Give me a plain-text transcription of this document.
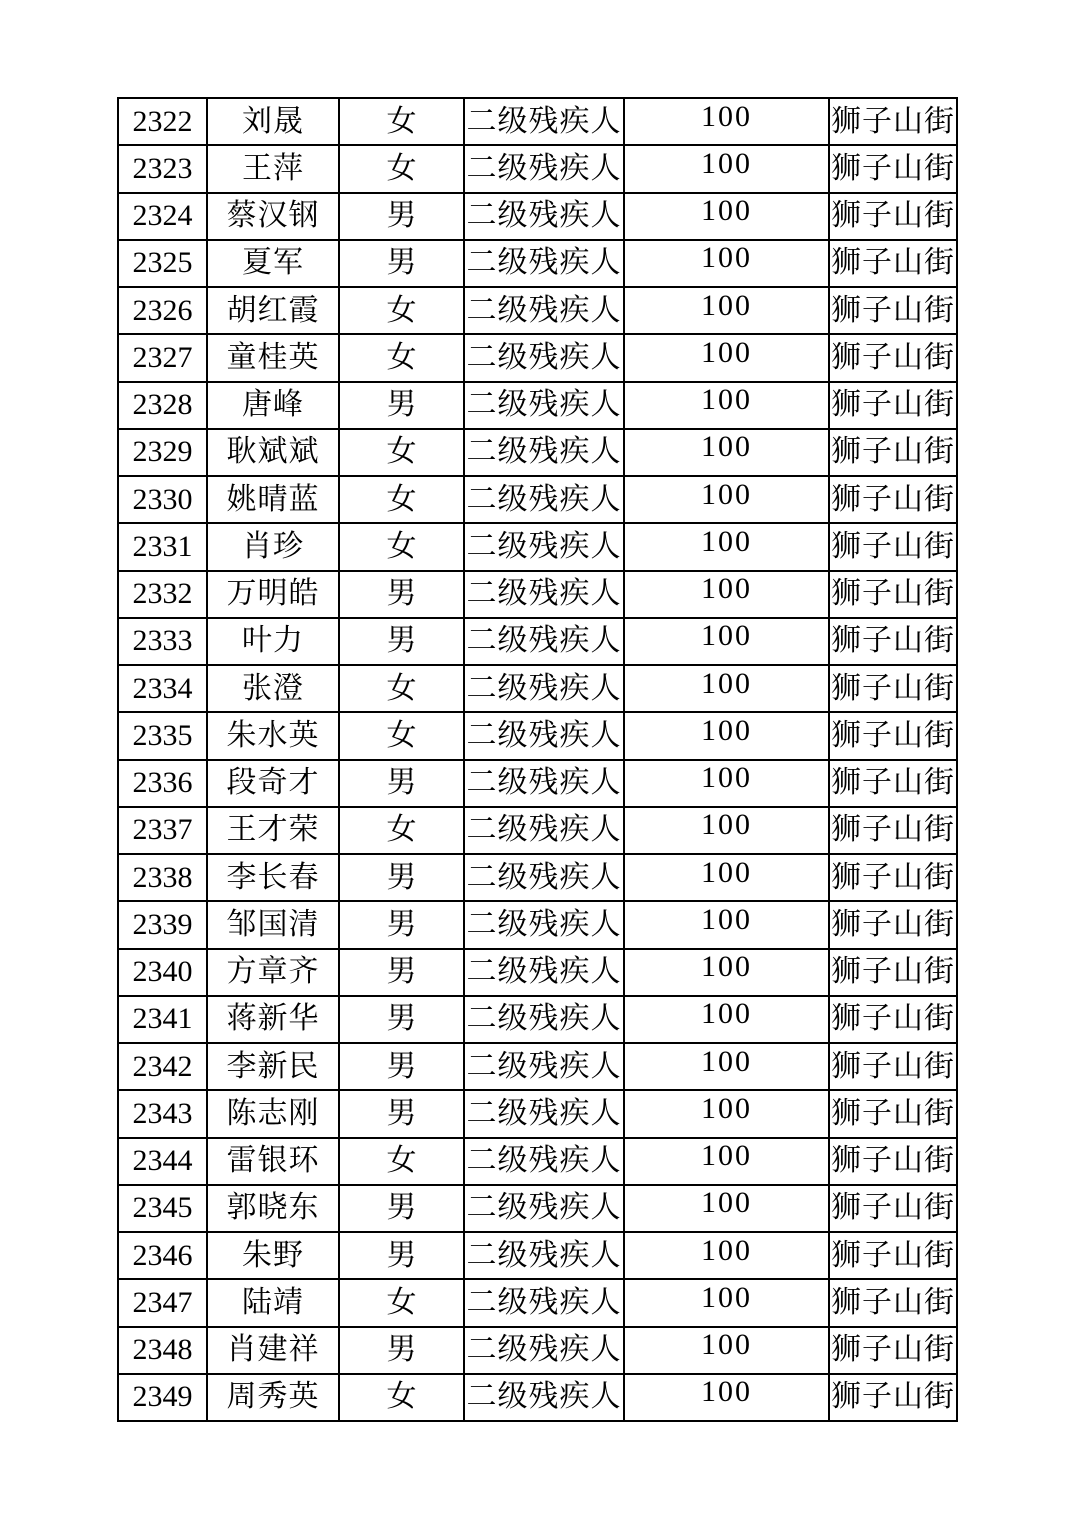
2322	刘晟	女	二级残疾人	100	狮子山街
2323	王萍	女	二级残疾人	100	狮子山街
2324	蔡汉钢	男	二级残疾人	100	狮子山街
2325	夏军	男	二级残疾人	100	狮子山街
2326	胡红霞	女	二级残疾人	100	狮子山街
2327	童桂英	女	二级残疾人	100	狮子山街
2328	唐峰	男	二级残疾人	100	狮子山街
2329	耿斌斌	女	二级残疾人	100	狮子山街
2330	姚晴蓝	女	二级残疾人	100	狮子山街
2331	肖珍	女	二级残疾人	100	狮子山街
2332	万明皓	男	二级残疾人	100	狮子山街
2333	叶力	男	二级残疾人	100	狮子山街
2334	张澄	女	二级残疾人	100	狮子山街
2335	朱水英	女	二级残疾人	100	狮子山街
2336	段奇才	男	二级残疾人	100	狮子山街
2337	王才荣	女	二级残疾人	100	狮子山街
2338	李长春	男	二级残疾人	100	狮子山街
2339	邹国清	男	二级残疾人	100	狮子山街
2340	方章齐	男	二级残疾人	100	狮子山街
2341	蒋新华	男	二级残疾人	100	狮子山街
2342	李新民	男	二级残疾人	100	狮子山街
2343	陈志刚	男	二级残疾人	100	狮子山街
2344	雷银环	女	二级残疾人	100	狮子山街
2345	郭晓东	男	二级残疾人	100	狮子山街
2346	朱野	男	二级残疾人	100	狮子山街
2347	陆靖	女	二级残疾人	100	狮子山街
2348	肖建祥	男	二级残疾人	100	狮子山街
2349	周秀英	女	二级残疾人	100	狮子山街
